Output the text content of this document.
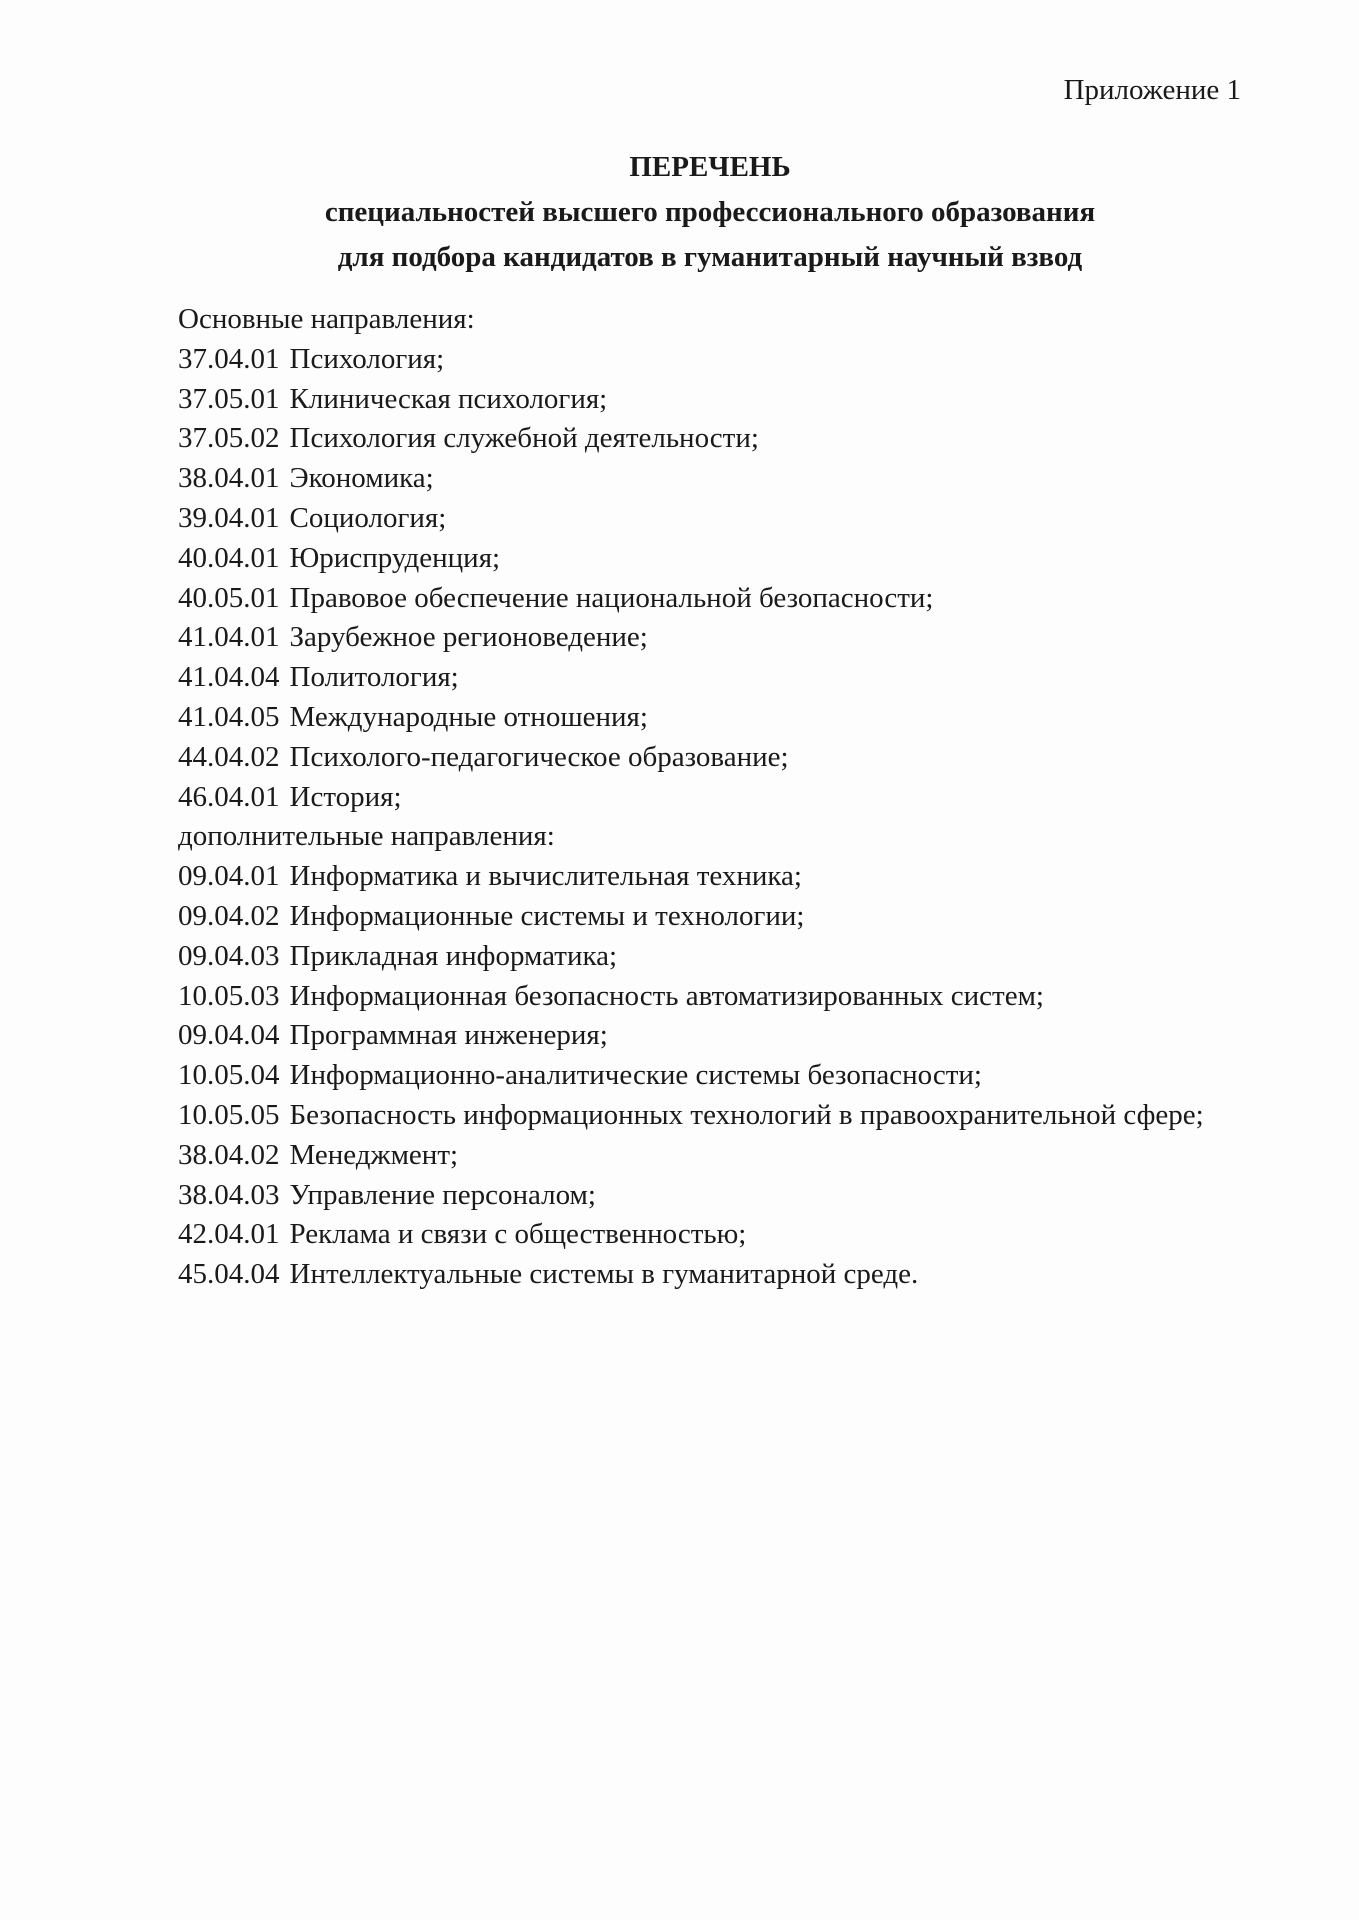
Приложение 1
ПЕРЕЧЕНЬ
специальностей высшего профессионального образования
для подбора кандидатов в гуманитарный научный взвод
Основные направления:
37.04.01 Психология;
37.05.01 Клиническая психология;
37.05.02 Психология служебной деятельности;
38.04.01 Экономика;
39.04.01 Социология;
40.04.01 Юриспруденция;
40.05.01 Правовое обеспечение национальной безопасности;
41.04.01 Зарубежное регионоведение;
41.04.04 Политология;
41.04.05 Международные отношения;
44.04.02 Психолого-педагогическое образование;
46.04.01 История;
дополнительные направления:
09.04.01 Информатика и вычислительная техника;
09.04.02 Информационные системы и технологии;
09.04.03 Прикладная информатика;
10.05.03 Информационная безопасность автоматизированных систем;
09.04.04 Программная инженерия;
10.05.04 Информационно-аналитические системы безопасности;
10.05.05 Безопасность информационных технологий в правоохранительной сфере;
38.04.02 Менеджмент;
38.04.03 Управление персоналом;
42.04.01 Реклама и связи с общественностью;
45.04.04 Интеллектуальные системы в гуманитарной среде.
